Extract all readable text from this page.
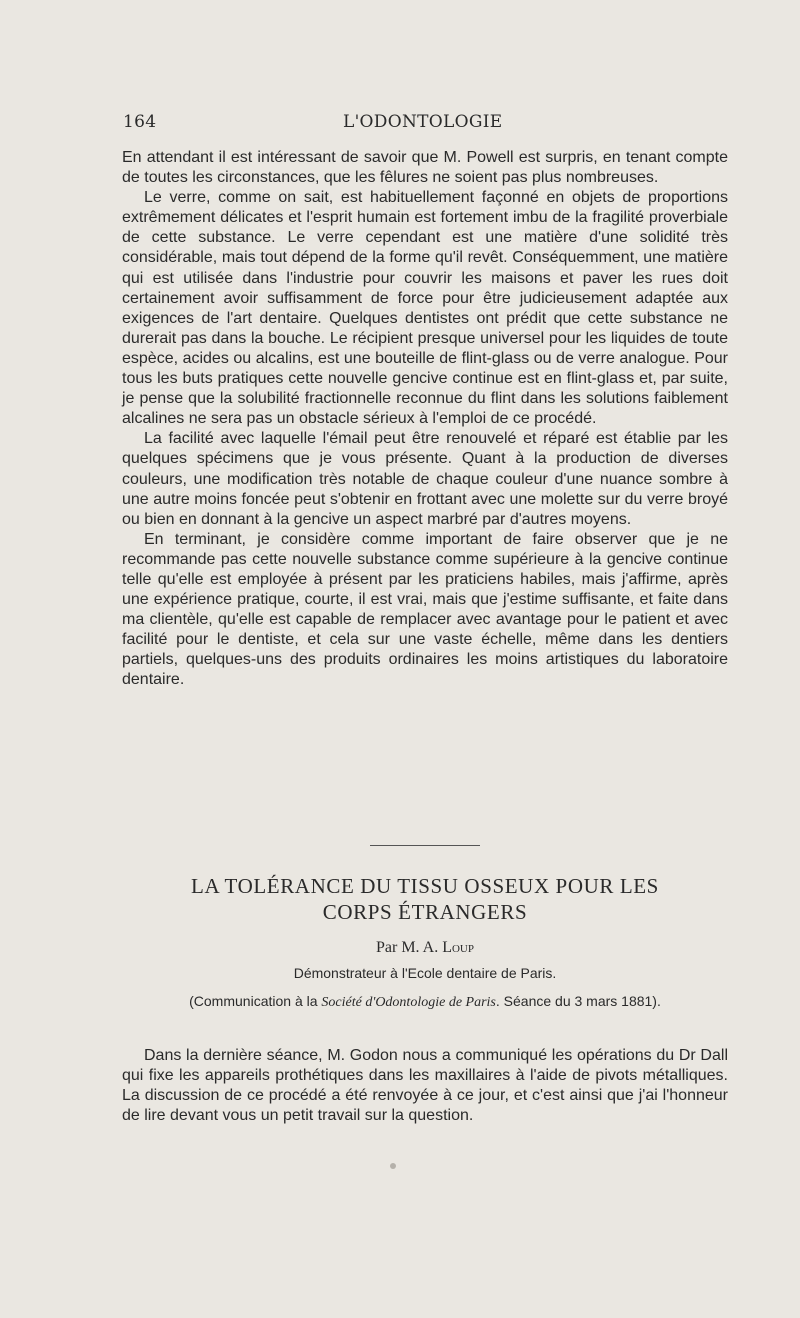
164	L'ODONTOLOGIE

En attendant il est intéressant de savoir que M. Powell est surpris, en tenant compte de toutes les circonstances, que les fêlures ne soient pas plus nombreuses.

Le verre, comme on sait, est habituellement façonné en objets de proportions extrêmement délicates et l'esprit humain est fortement imbu de la fragilité proverbiale de cette substance. Le verre cependant est une matière d'une solidité très considérable, mais tout dépend de la forme qu'il revêt. Conséquemment, une matière qui est utilisée dans l'industrie pour couvrir les maisons et paver les rues doit certainement avoir suffisamment de force pour être judicieusement adaptée aux exigences de l'art dentaire. Quelques dentistes ont prédit que cette substance ne durerait pas dans la bouche. Le récipient presque universel pour les liquides de toute espèce, acides ou alcalins, est une bouteille de flint-glass ou de verre analogue. Pour tous les buts pratiques cette nouvelle gencive continue est en flint-glass et, par suite, je pense que la solubilité fractionnelle reconnue du flint dans les solutions faiblement alcalines ne sera pas un obstacle sérieux à l'emploi de ce procédé.

La facilité avec laquelle l'émail peut être renouvelé et réparé est établie par les quelques spécimens que je vous présente. Quant à la production de diverses couleurs, une modification très notable de chaque couleur d'une nuance sombre à une autre moins foncée peut s'obtenir en frottant avec une molette sur du verre broyé ou bien en donnant à la gencive un aspect marbré par d'autres moyens.

En terminant, je considère comme important de faire observer que je ne recommande pas cette nouvelle substance comme supérieure à la gencive continue telle qu'elle est employée à présent par les praticiens habiles, mais j'affirme, après une expérience pratique, courte, il est vrai, mais que j'estime suffisante, et faite dans ma clientèle, qu'elle est capable de remplacer avec avantage pour le patient et avec facilité pour le dentiste, et cela sur une vaste échelle, même dans les dentiers partiels, quelques-uns des produits ordinaires les moins artistiques du laboratoire dentaire.

LA TOLÉRANCE DU TISSU OSSEUX POUR LES
CORPS ÉTRANGERS
Par M. A. Loup
Démonstrateur à l'Ecole dentaire de Paris.
(Communication à la Société d'Odontologie de Paris. Séance du 3 mars 1881).

Dans la dernière séance, M. Godon nous a communiqué les opérations du Dr Dall qui fixe les appareils prothétiques dans les maxillaires à l'aide de pivots métalliques. La discussion de ce procédé a été renvoyée à ce jour, et c'est ainsi que j'ai l'honneur de lire devant vous un petit travail sur la question.
